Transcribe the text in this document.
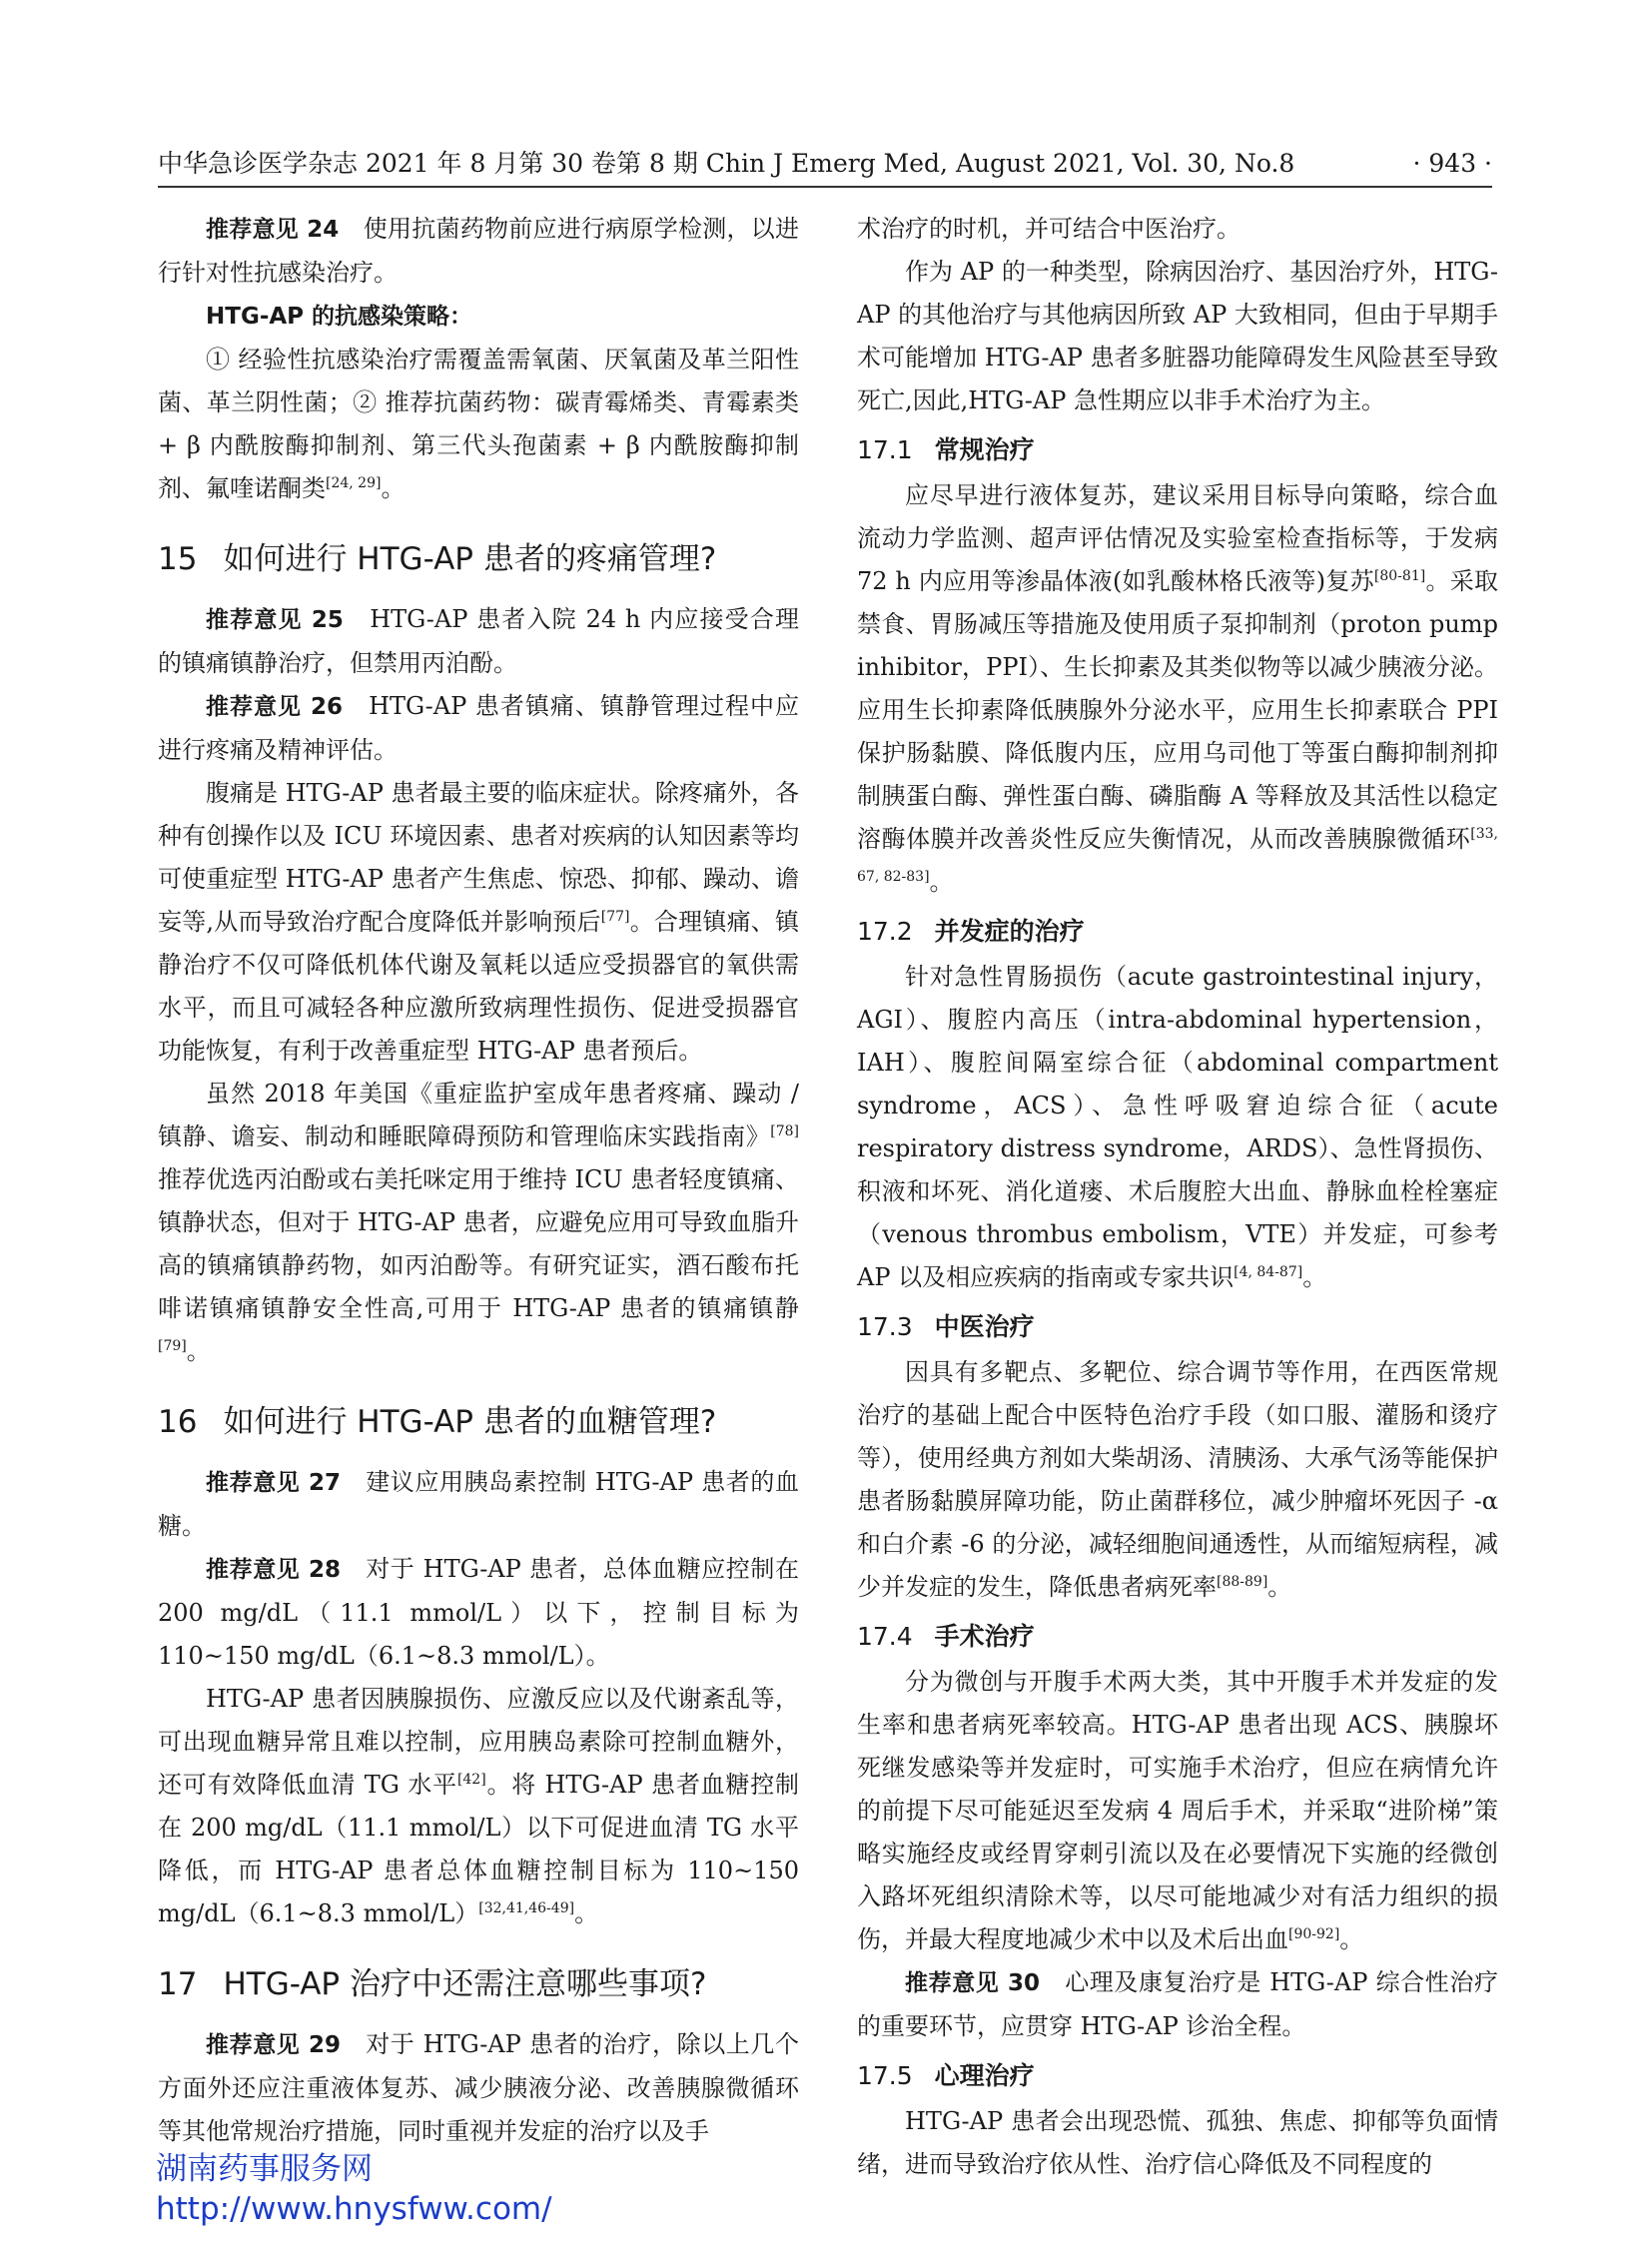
中华急诊医学杂志 2021 年 8 月第 30 卷第 8 期 Chin J Emerg Med, August 2021, Vol. 30, No.8	· 943 ·

推荐意见 24　使用抗菌药物前应进行病原学检测，以进行针对性抗感染治疗。

HTG-AP 的抗感染策略：

① 经验性抗感染治疗需覆盖需氧菌、厌氧菌及革兰阳性菌、革兰阴性菌；② 推荐抗菌药物：碳青霉烯类、青霉素类 + β 内酰胺酶抑制剂、第三代头孢菌素 + β 内酰胺酶抑制剂、氟喹诺酮类[24, 29]。

15 如何进行 HTG-AP 患者的疼痛管理?

推荐意见 25　HTG-AP 患者入院 24 h 内应接受合理的镇痛镇静治疗，但禁用丙泊酚。

推荐意见 26　HTG-AP 患者镇痛、镇静管理过程中应进行疼痛及精神评估。

腹痛是 HTG-AP 患者最主要的临床症状。除疼痛外，各种有创操作以及 ICU 环境因素、患者对疾病的认知因素等均可使重症型 HTG-AP 患者产生焦虑、惊恐、抑郁、躁动、谵妄等,从而导致治疗配合度降低并影响预后[77]。合理镇痛、镇静治疗不仅可降低机体代谢及氧耗以适应受损器官的氧供需水平，而且可减轻各种应激所致病理性损伤、促进受损器官功能恢复，有利于改善重症型 HTG-AP 患者预后。

虽然 2018 年美国《重症监护室成年患者疼痛、躁动 / 镇静、谵妄、制动和睡眠障碍预防和管理临床实践指南》[78]推荐优选丙泊酚或右美托咪定用于维持 ICU 患者轻度镇痛、镇静状态，但对于 HTG-AP 患者，应避免应用可导致血脂升高的镇痛镇静药物，如丙泊酚等。有研究证实，酒石酸布托啡诺镇痛镇静安全性高,可用于 HTG-AP 患者的镇痛镇静[79]。

16 如何进行 HTG-AP 患者的血糖管理?

推荐意见 27　建议应用胰岛素控制 HTG-AP 患者的血糖。

推荐意见 28　对于 HTG-AP 患者，总体血糖应控制在 200 mg/dL（11.1 mmol/L）以下，控制目标为 110~150 mg/dL（6.1~8.3 mmol/L）。

HTG-AP 患者因胰腺损伤、应激反应以及代谢紊乱等，可出现血糖异常且难以控制，应用胰岛素除可控制血糖外，还可有效降低血清 TG 水平[42]。将 HTG-AP 患者血糖控制在 200 mg/dL（11.1 mmol/L）以下可促进血清 TG 水平降低，而 HTG-AP 患者总体血糖控制目标为 110~150 mg/dL（6.1~8.3 mmol/L）[32,41,46-49]。

17 HTG-AP 治疗中还需注意哪些事项?

推荐意见 29　对于 HTG-AP 患者的治疗，除以上几个方面外还应注重液体复苏、减少胰液分泌、改善胰腺微循环等其他常规治疗措施，同时重视并发症的治疗以及手

术治疗的时机，并可结合中医治疗。

作为 AP 的一种类型，除病因治疗、基因治疗外，HTG-AP 的其他治疗与其他病因所致 AP 大致相同，但由于早期手术可能增加 HTG-AP 患者多脏器功能障碍发生风险甚至导致死亡,因此,HTG-AP 急性期应以非手术治疗为主。

17.1 常规治疗

应尽早进行液体复苏，建议采用目标导向策略，综合血流动力学监测、超声评估情况及实验室检查指标等，于发病 72 h 内应用等渗晶体液(如乳酸林格氏液等)复苏[80-81]。采取禁食、胃肠减压等措施及使用质子泵抑制剂（proton pump inhibitor，PPI）、生长抑素及其类似物等以减少胰液分泌。应用生长抑素降低胰腺外分泌水平，应用生长抑素联合 PPI 保护肠黏膜、降低腹内压，应用乌司他丁等蛋白酶抑制剂抑制胰蛋白酶、弹性蛋白酶、磷脂酶 A 等释放及其活性以稳定溶酶体膜并改善炎性反应失衡情况，从而改善胰腺微循环[33, 67, 82-83]。

17.2 并发症的治疗

针对急性胃肠损伤（acute gastrointestinal injury，AGI）、腹腔内高压（intra-abdominal hypertension，IAH）、腹腔间隔室综合征（abdominal compartment syndrome，ACS）、急性呼吸窘迫综合征（acute respiratory distress syndrome，ARDS）、急性肾损伤、积液和坏死、消化道瘘、术后腹腔大出血、静脉血栓栓塞症（venous thrombus embolism，VTE）并发症，可参考 AP 以及相应疾病的指南或专家共识[4, 84-87]。

17.3 中医治疗

因具有多靶点、多靶位、综合调节等作用，在西医常规治疗的基础上配合中医特色治疗手段（如口服、灌肠和烫疗等），使用经典方剂如大柴胡汤、清胰汤、大承气汤等能保护患者肠黏膜屏障功能，防止菌群移位，减少肿瘤坏死因子 -α 和白介素 -6 的分泌，减轻细胞间通透性，从而缩短病程，减少并发症的发生，降低患者病死率[88-89]。

17.4 手术治疗

分为微创与开腹手术两大类，其中开腹手术并发症的发生率和患者病死率较高。HTG-AP 患者出现 ACS、胰腺坏死继发感染等并发症时，可实施手术治疗，但应在病情允许的前提下尽可能延迟至发病 4 周后手术，并采取“进阶梯”策略实施经皮或经胃穿刺引流以及在必要情况下实施的经微创入路坏死组织清除术等，以尽可能地减少对有活力组织的损伤，并最大程度地减少术中以及术后出血[90-92]。

推荐意见 30　心理及康复治疗是 HTG-AP 综合性治疗的重要环节，应贯穿 HTG-AP 诊治全程。

17.5 心理治疗

HTG-AP 患者会出现恐慌、孤独、焦虑、抑郁等负面情绪，进而导致治疗依从性、治疗信心降低及不同程度的

湖南药事服务网
http://www.hnysfww.com/
